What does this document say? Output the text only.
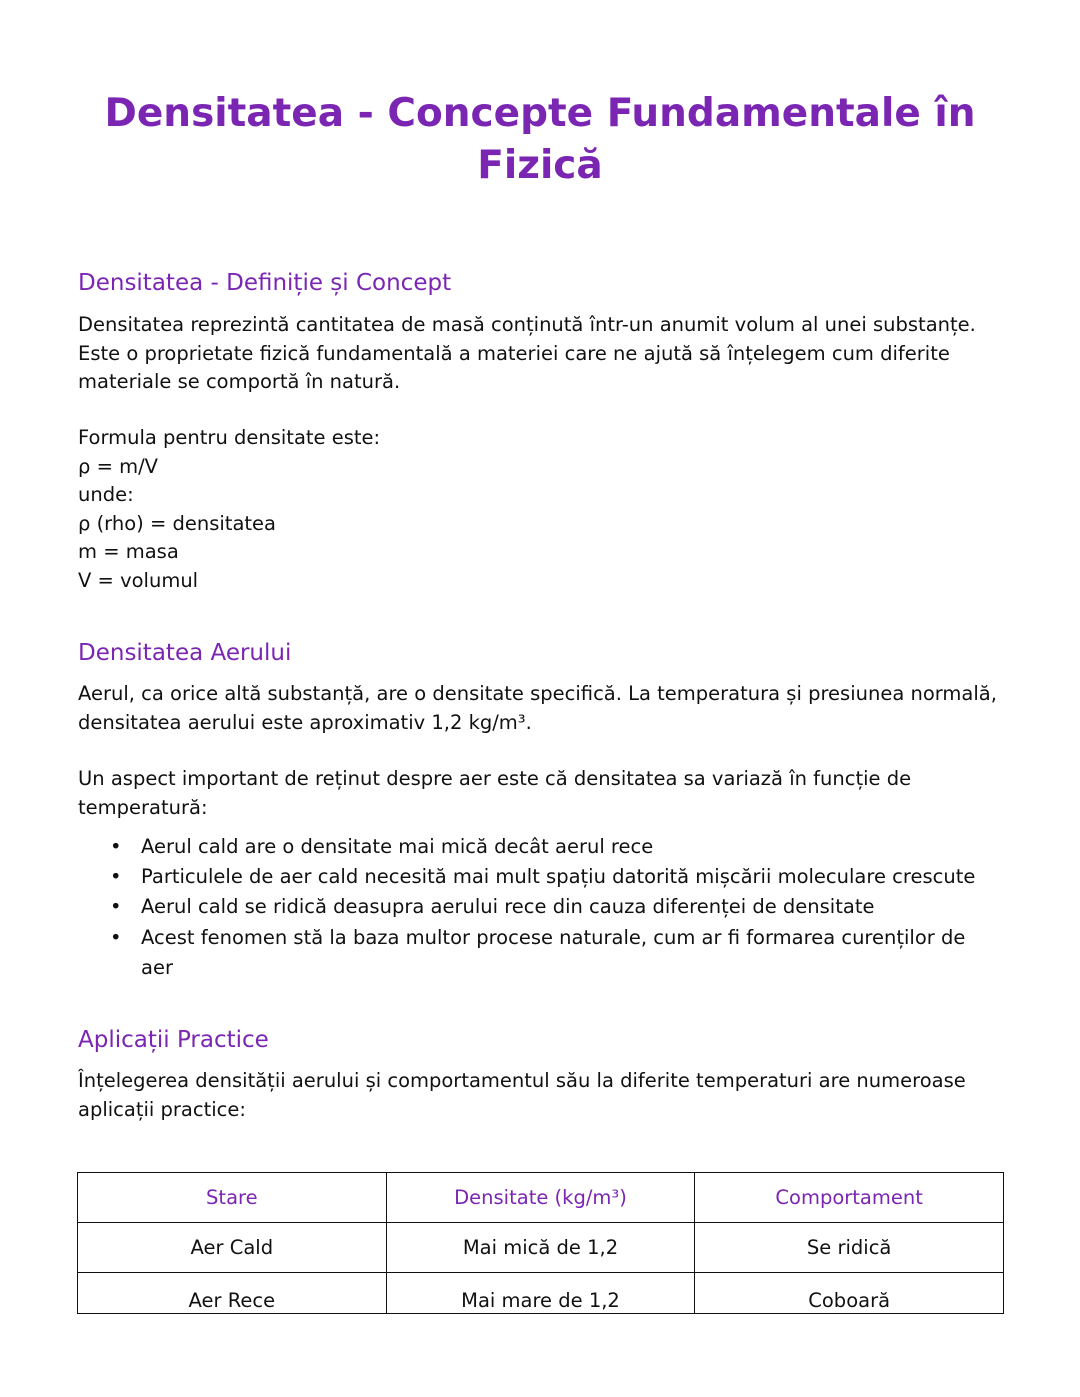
Densitatea - Concepte Fundamentale în Fizică
Densitatea - Definiție și Concept

Densitatea reprezintă cantitatea de masă conținută într-un anumit volum al unei substanțe. Este o proprietate fizică fundamentală a materiei care ne ajută să înțelegem cum diferite materiale se comportă în natură.

Formula pentru densitate este:
ρ = m/V
unde:
ρ (rho) = densitatea
m = masa
V = volumul
Densitatea Aerului

Aerul, ca orice altă substanță, are o densitate specifică. La temperatura și presiunea normală, densitatea aerului este aproximativ 1,2 kg/m³.

Un aspect important de reținut despre aer este că densitatea sa variază în funcție de temperatură:

• Aerul cald are o densitate mai mică decât aerul rece
• Particulele de aer cald necesită mai mult spațiu datorită mișcării moleculare crescute
• Aerul cald se ridică deasupra aerului rece din cauza diferenței de densitate
• Acest fenomen stă la baza multor procese naturale, cum ar fi formarea curenților de aer
Aplicații Practice

Înțelegerea densității aerului și comportamentul său la diferite temperaturi are numeroase aplicații practice:

Stare	Densitate (kg/m³)	Comportament
Aer Cald	Mai mică de 1,2	Se ridică
Aer Rece	Mai mare de 1,2	Coboară
